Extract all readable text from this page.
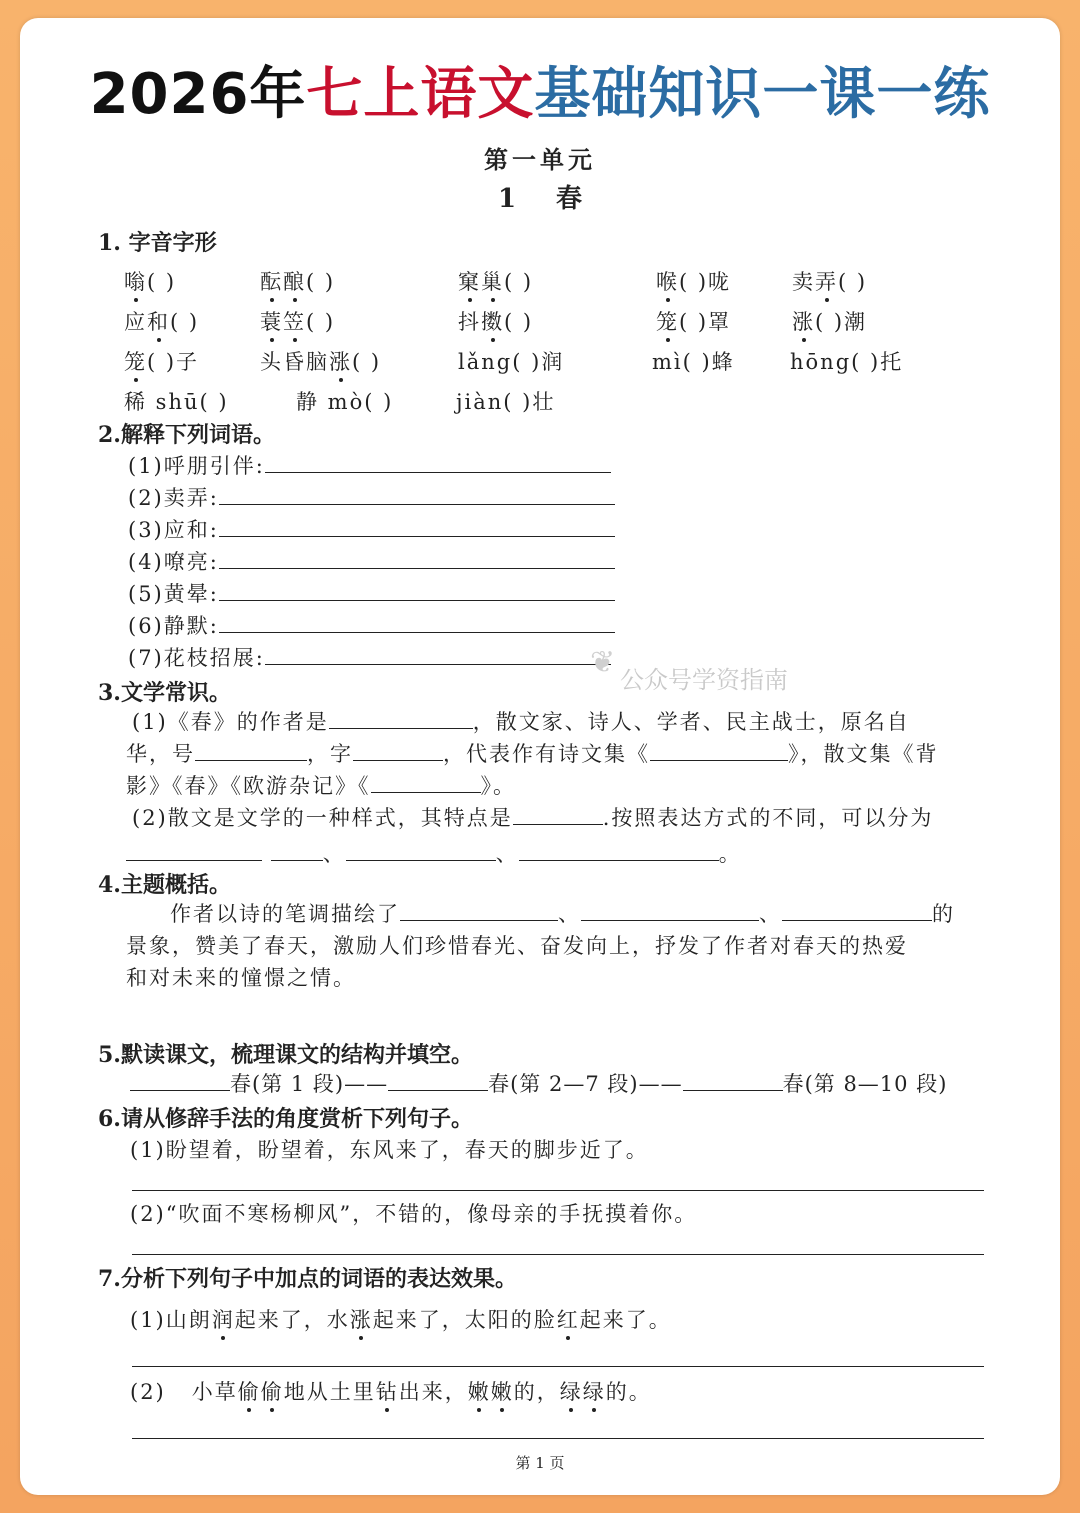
2026年七上语文基础知识一课一练
第一单元
1 春
1. 字音字形
嗡( )	酝酿( )	窠巢( )	喉( )咙	卖弄( )
应和( )	蓑笠( )	抖擞( )	笼( )罩	涨( )潮
笼( )子	头昏脑涨( )	lǎng( )润	mì( )蜂	hōng( )托
稀 shū( )	静 mò( )	jiàn( )壮
2.解释下列词语。
(1)呼朋引伴:
(2)卖弄:
(3)应和:
(4)嘹亮:
(5)黄晕:
(6)静默:
(7)花枝招展:	❦ 公众号学资指南
3.文学常识。
(1)《春》的作者是	，散文家、诗人、学者、民主战士，原名自
华，号	，字	，代表作有诗文集《	》，散文集《背
影》《春》《欧游杂记》《	》。
(2)散文是文学的一种样式，其特点是	.按照表达方式的不同，可以分为
、	、	。
4.主题概括。
作者以诗的笔调描绘了	、	、	的
景象，赞美了春天，激励人们珍惜春光、奋发向上，抒发了作者对春天的热爱
和对未来的憧憬之情。
5.默读课文，梳理课文的结构并填空。
春(第 1 段)——	春(第 2—7 段)——	春(第 8—10 段)
6.请从修辞手法的角度赏析下列句子。
(1)盼望着，盼望着，东风来了，春天的脚步近了。
(2)“吹面不寒杨柳风”，不错的，像母亲的手抚摸着你。
7.分析下列句子中加点的词语的表达效果。
(1)山朗润起来了，水涨起来了，太阳的脸红起来了。
(2)   小草偷偷地从土里钻出来，嫩嫩的，绿绿的。
第 1 页
